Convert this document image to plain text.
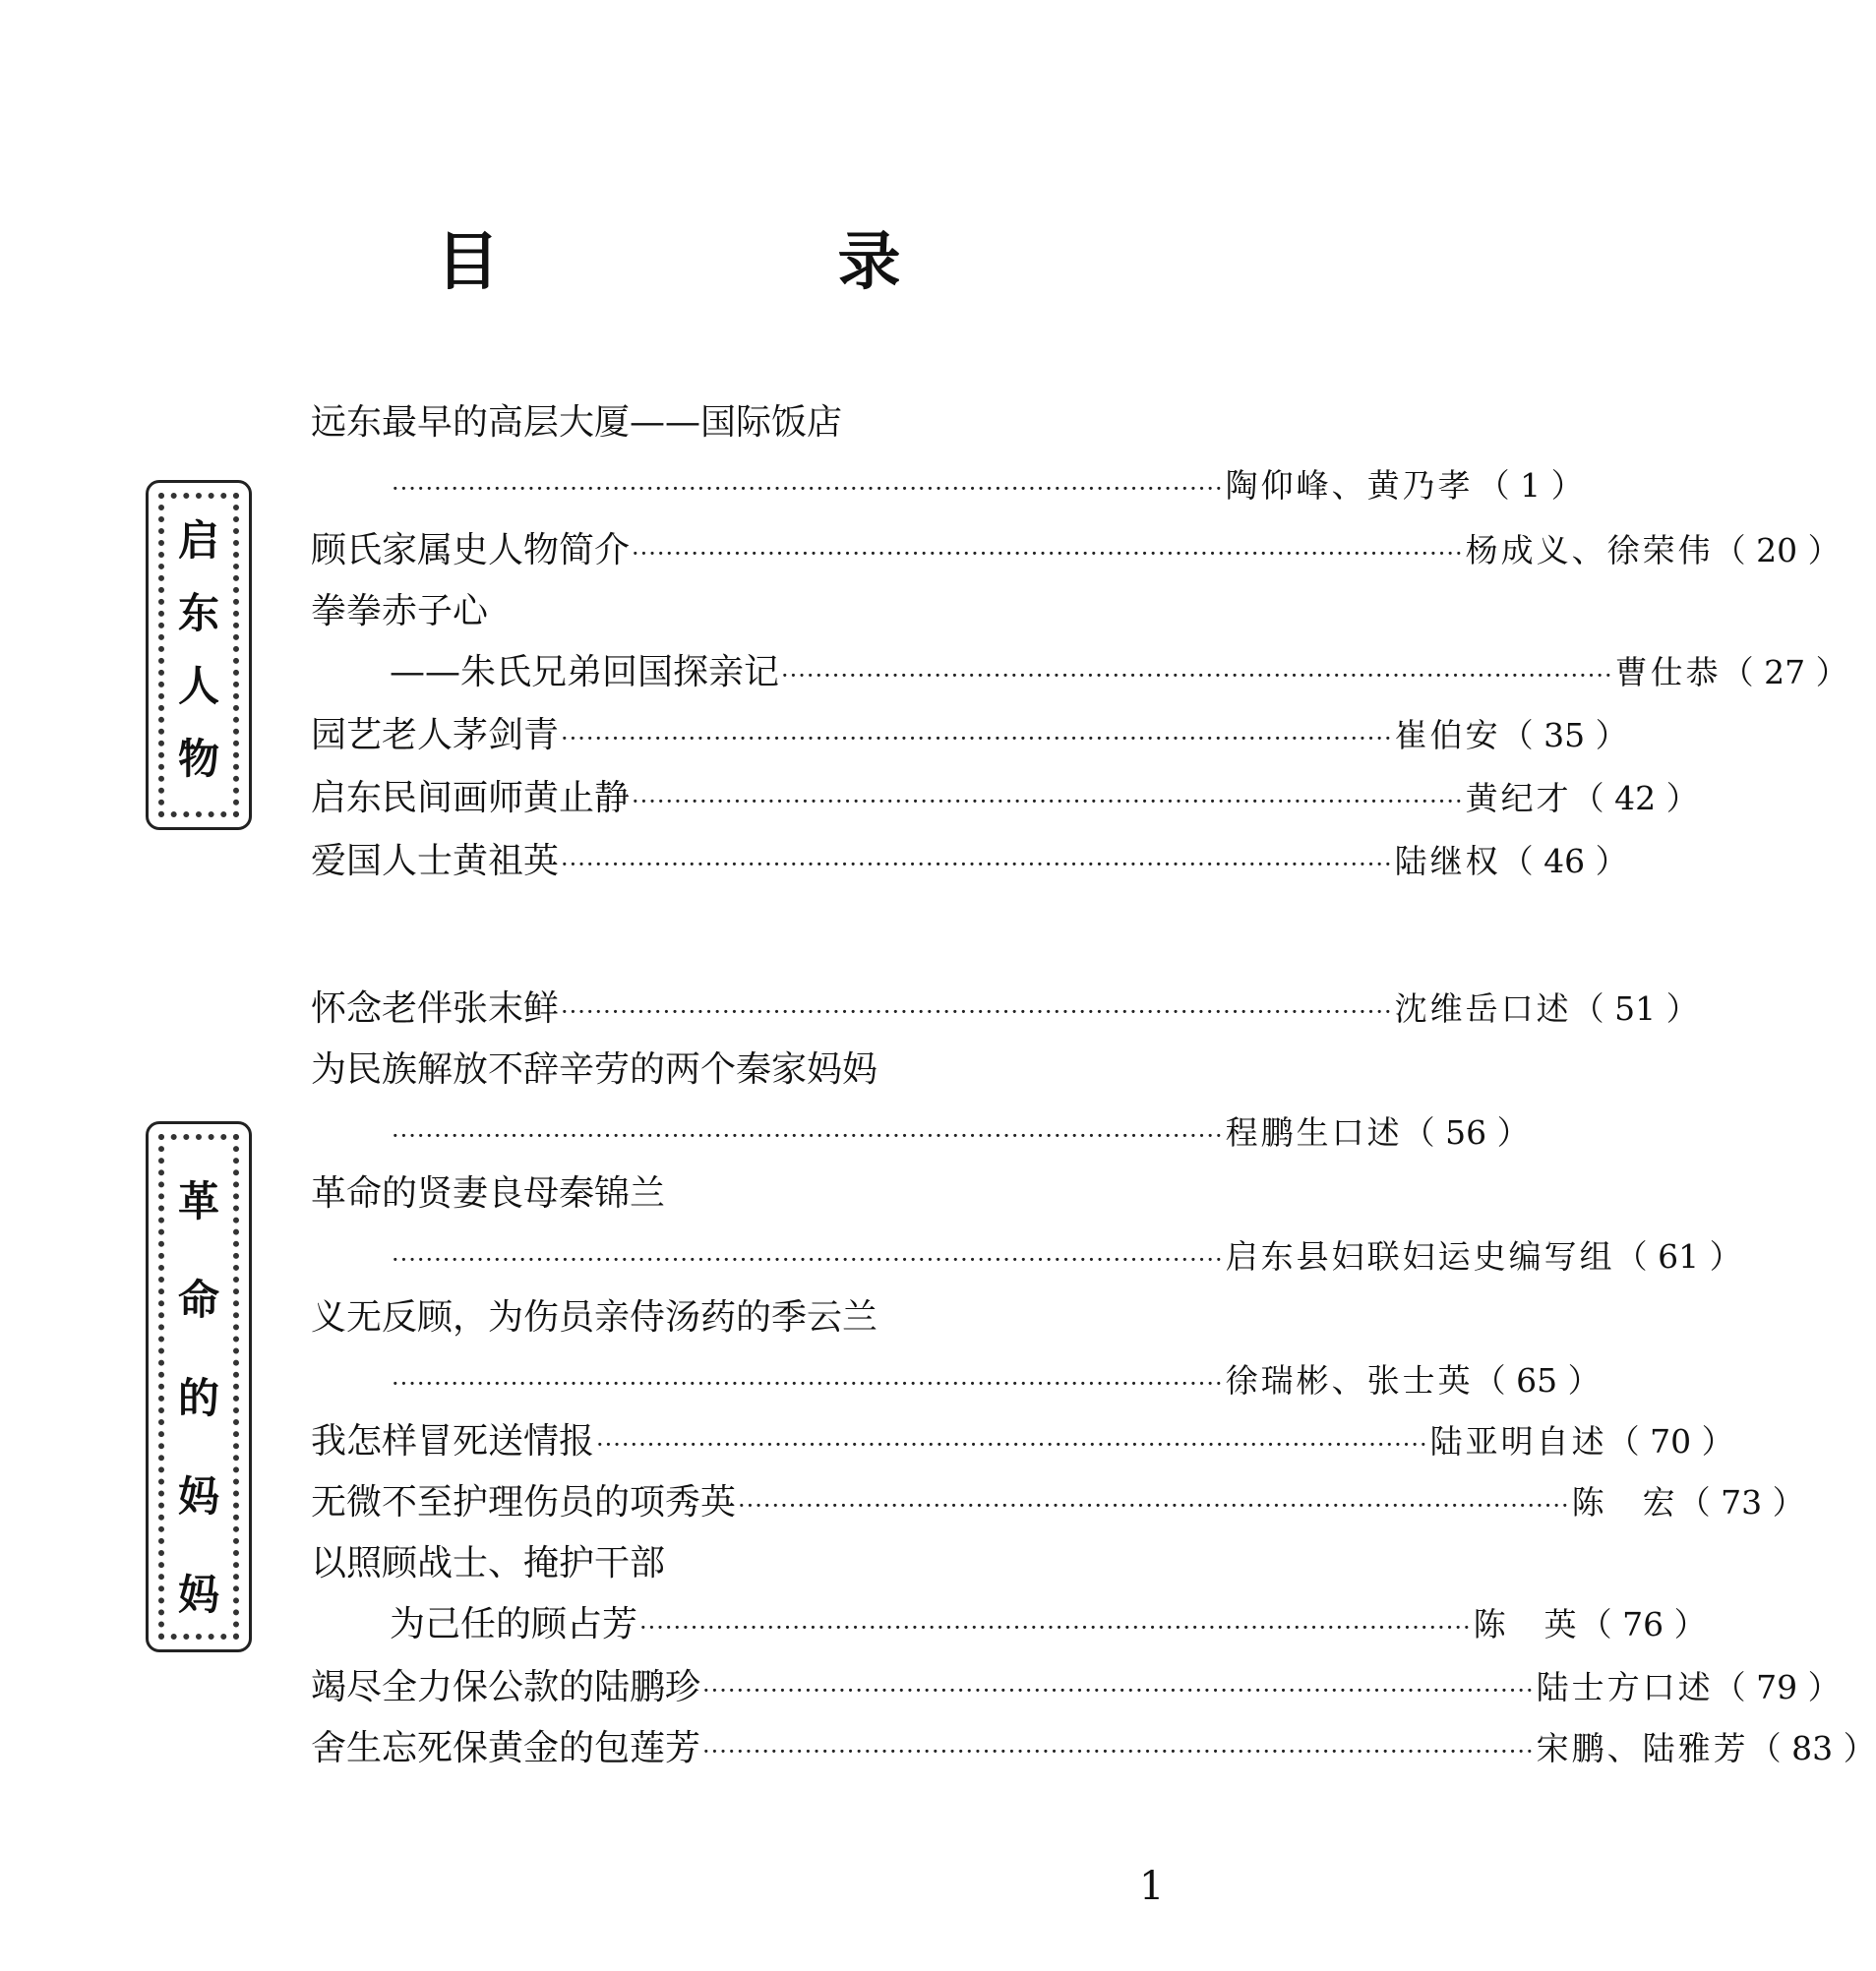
目　录
启
东
人
物
革
命
的
妈
妈
远东最早的高层大厦——国际饭店
·································································································· 陶仰峰、黄乃孝 （ 1 ）
顾氏家属史人物简介 ·································································································· 杨成义、徐荣伟 （ 20 ）
拳拳赤子心
——朱氏兄弟回国探亲记 ·································································································· 曹仕恭 （ 27 ）
园艺老人茅剑青 ·································································································· 崔伯安 （ 35 ）
启东民间画师黄止静 ·································································································· 黄纪才 （ 42 ）
爱国人士黄祖英 ·································································································· 陆继权 （ 46 ）
怀念老伴张末鲜 ·································································································· 沈维岳口述 （ 51 ）
为民族解放不辞辛劳的两个秦家妈妈
·································································································· 程鹏生口述 （ 56 ）
革命的贤妻良母秦锦兰
·································································································· 启东县妇联妇运史编写组 （ 61 ）
义无反顾，为伤员亲侍汤药的季云兰
·································································································· 徐瑞彬、张士英 （ 65 ）
我怎样冒死送情报 ·································································································· 陆亚明自述 （ 70 ）
无微不至护理伤员的项秀英 ·································································································· 陈　宏 （ 73 ）
以照顾战士、掩护干部
为己任的顾占芳 ·································································································· 陈　英 （ 76 ）
竭尽全力保公款的陆鹏珍 ·································································································· 陆士方口述 （ 79 ）
舍生忘死保黄金的包莲芳 ·································································································· 宋鹏、陆雅芳 （ 83 ）
1
